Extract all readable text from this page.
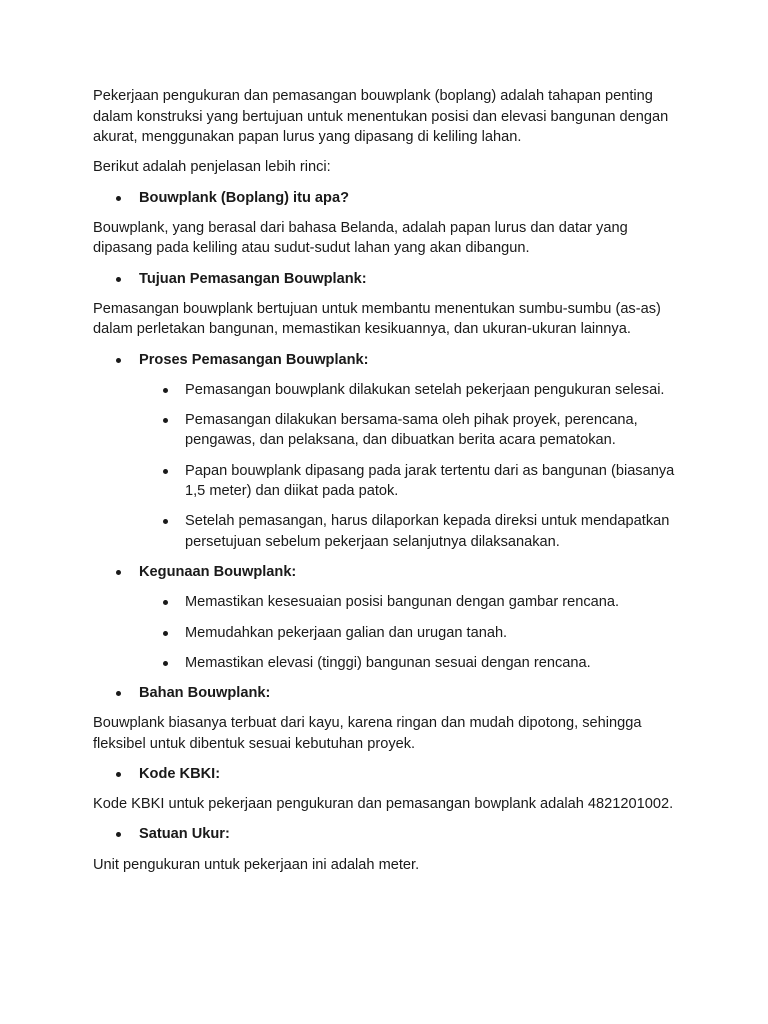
Pekerjaan pengukuran dan pemasangan bouwplank (boplang) adalah tahapan penting dalam konstruksi yang bertujuan untuk menentukan posisi dan elevasi bangunan dengan akurat, menggunakan papan lurus yang dipasang di keliling lahan.

Berikut adalah penjelasan lebih rinci:

Bouwplank (Boplang) itu apa?

Bouwplank, yang berasal dari bahasa Belanda, adalah papan lurus dan datar yang dipasang pada keliling atau sudut-sudut lahan yang akan dibangun.

Tujuan Pemasangan Bouwplank:

Pemasangan bouwplank bertujuan untuk membantu menentukan sumbu-sumbu (as-as) dalam perletakan bangunan, memastikan kesikuannya, dan ukuran-ukuran lainnya.

Proses Pemasangan Bouwplank:
Pemasangan bouwplank dilakukan setelah pekerjaan pengukuran selesai.
Pemasangan dilakukan bersama-sama oleh pihak proyek, perencana, pengawas, dan pelaksana, dan dibuatkan berita acara pematokan.
Papan bouwplank dipasang pada jarak tertentu dari as bangunan (biasanya 1,5 meter) dan diikat pada patok.
Setelah pemasangan, harus dilaporkan kepada direksi untuk mendapatkan persetujuan sebelum pekerjaan selanjutnya dilaksanakan.
Kegunaan Bouwplank:
Memastikan kesesuaian posisi bangunan dengan gambar rencana.
Memudahkan pekerjaan galian dan urugan tanah.
Memastikan elevasi (tinggi) bangunan sesuai dengan rencana.
Bahan Bouwplank:

Bouwplank biasanya terbuat dari kayu, karena ringan dan mudah dipotong, sehingga fleksibel untuk dibentuk sesuai kebutuhan proyek.

Kode KBKI:

Kode KBKI untuk pekerjaan pengukuran dan pemasangan bowplank adalah 4821201002.

Satuan Ukur:

Unit pengukuran untuk pekerjaan ini adalah meter.
